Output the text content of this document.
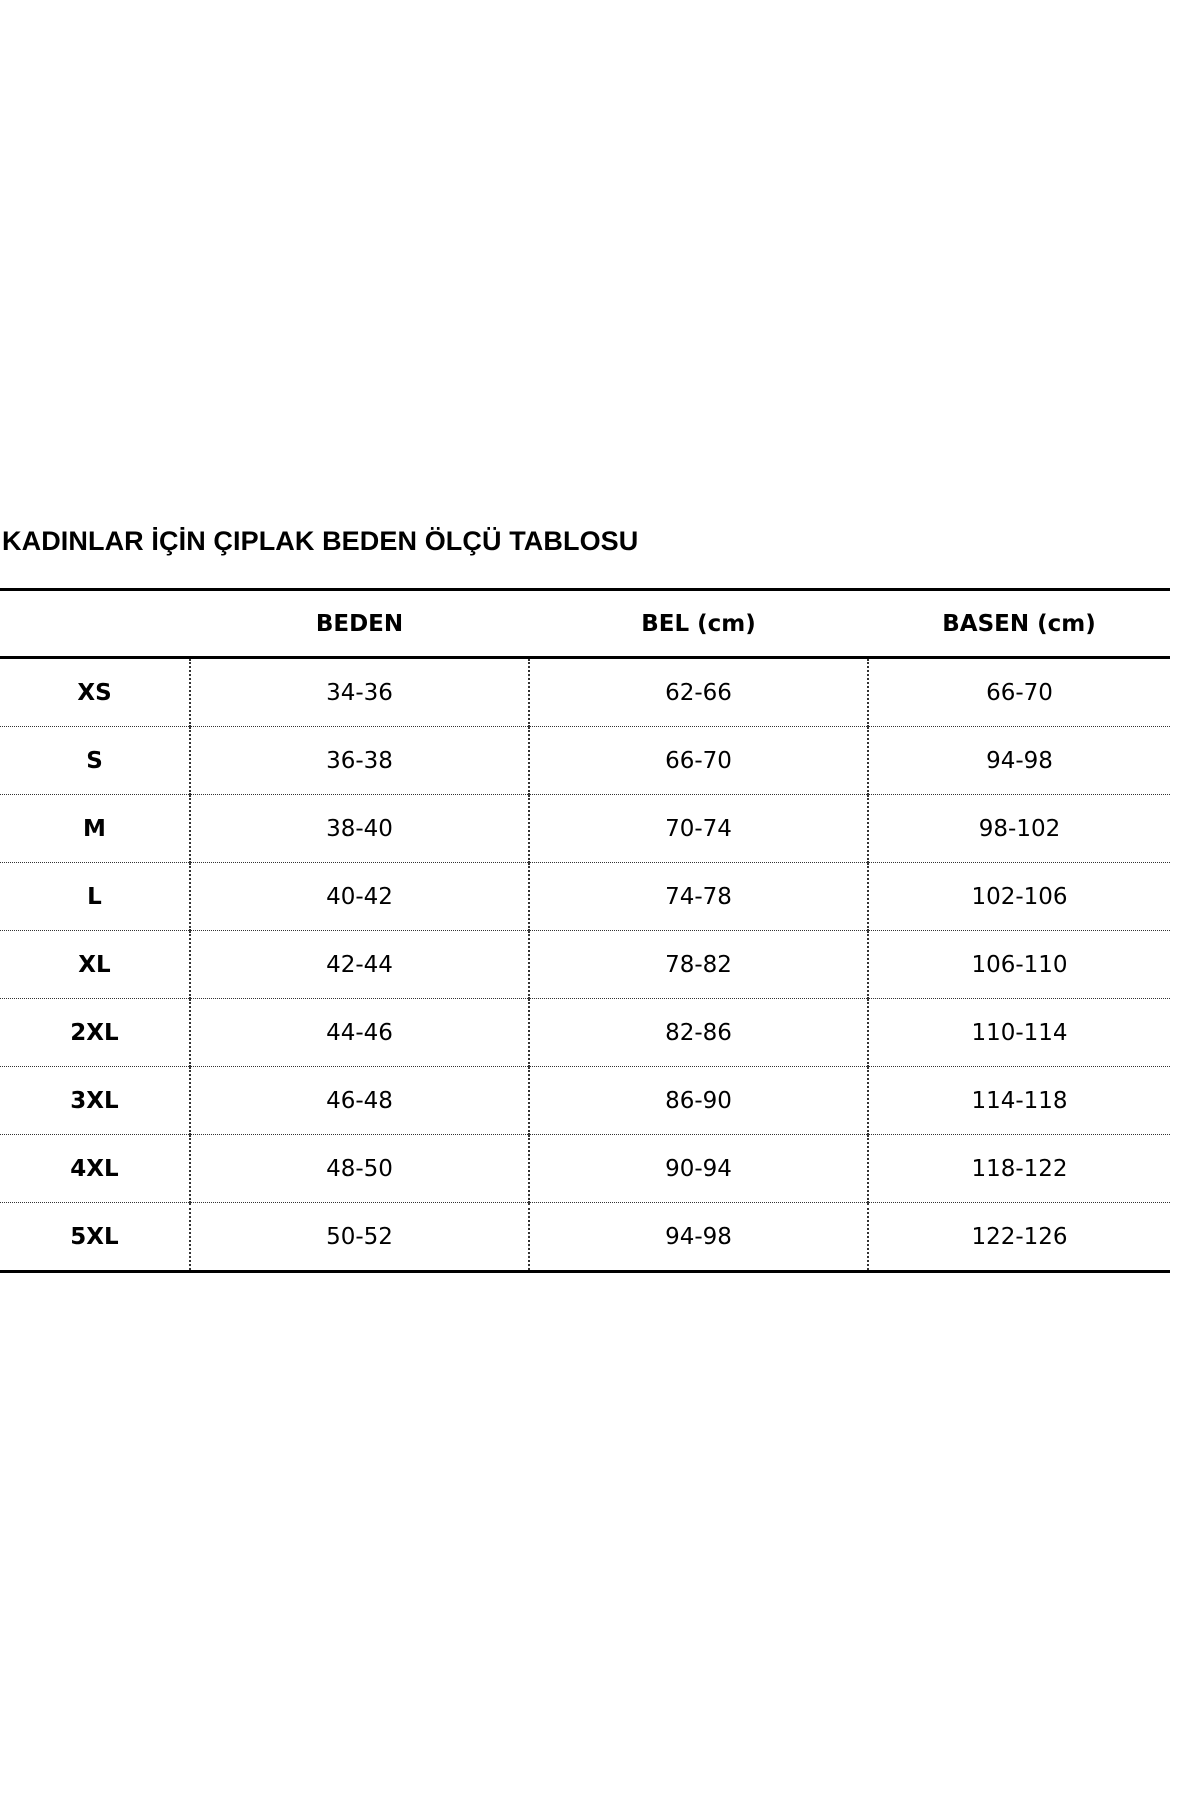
KADINLAR İÇİN ÇIPLAK BEDEN ÖLÇÜ TABLOSU
	BEDEN	BEL (cm)	BASEN (cm)
XS	34-36	62-66	66-70
S	36-38	66-70	94-98
M	38-40	70-74	98-102
L	40-42	74-78	102-106
XL	42-44	78-82	106-110
2XL	44-46	82-86	110-114
3XL	46-48	86-90	114-118
4XL	48-50	90-94	118-122
5XL	50-52	94-98	122-126
